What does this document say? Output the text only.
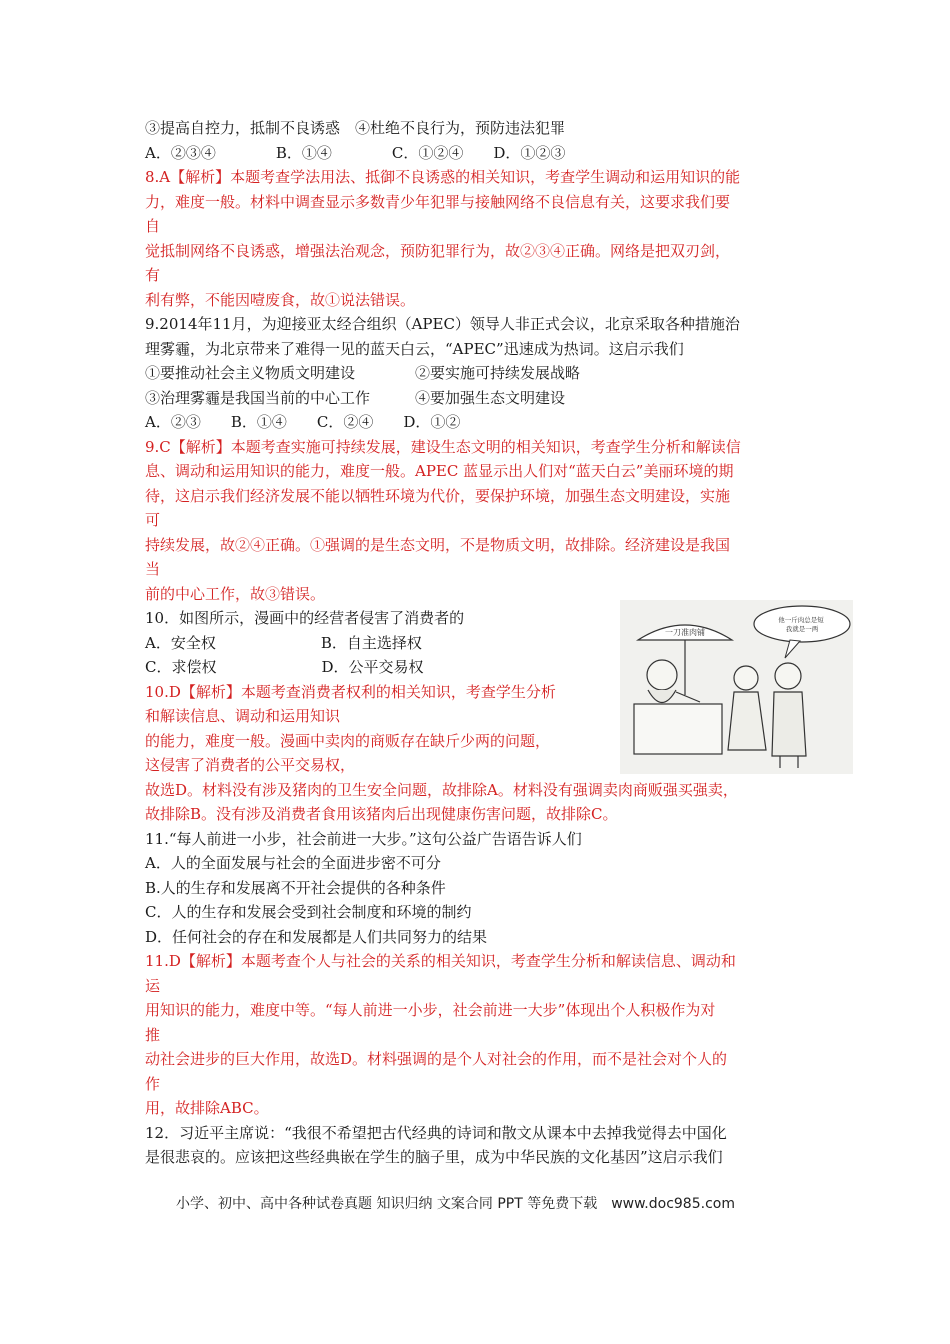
③提高自控力，抵制不良诱惑　④杜绝不良行为，预防违法犯罪
A．②③④　　　　B．①④　　　　C．①②④　　D．①②③
8.A【解析】本题考查学法用法、抵御不良诱惑的相关知识，考查学生调动和运用知识的能
力，难度一般。材料中调查显示多数青少年犯罪与接触网络不良信息有关，这要求我们要
自
觉抵制网络不良诱惑，增强法治观念，预防犯罪行为，故②③④正确。网络是把双刃剑，
有
利有弊，不能因噎废食，故①说法错误。
9.2014年11月，为迎接亚太经合组织（APEC）领导人非正式会议，北京采取各种措施治
理雾霾，为北京带来了难得一见的蓝天白云，“APEC”迅速成为热词。这启示我们
①要推动社会主义物质文明建设　　　　②要实施可持续发展战略
③治理雾霾是我国当前的中心工作　　　④要加强生态文明建设
A．②③　　B．①④　　C．②④　　D．①②
9.C【解析】本题考查实施可持续发展，建设生态文明的相关知识，考查学生分析和解读信
息、调动和运用知识的能力，难度一般。APEC 蓝显示出人们对“蓝天白云”美丽环境的期
待，这启示我们经济发展不能以牺牲环境为代价，要保护环境，加强生态文明建设，实施
可
持续发展，故②④正确。①强调的是生态文明，不是物质文明，故排除。经济建设是我国
当
前的中心工作，故③错误。
10．如图所示，漫画中的经营者侵害了消费者的
A．安全权　　　　　　　B．自主选择权
C．求偿权　　　　　　　D．公平交易权
10.D【解析】本题考查消费者权利的相关知识，考查学生分析
和解读信息、调动和运用知识
的能力，难度一般。漫画中卖肉的商贩存在缺斤少两的问题，
这侵害了消费者的公平交易权，
故选D。材料没有涉及猪肉的卫生安全问题，故排除A。材料没有强调卖肉商贩强买强卖，
故排除B。没有涉及消费者食用该猪肉后出现健康伤害问题，故排除C。
11.“每人前进一小步，社会前进一大步。”这句公益广告语告诉人们
A．人的全面发展与社会的全面进步密不可分
B.人的生存和发展离不开社会提供的各种条件
C．人的生存和发展会受到社会制度和环境的制约
D．任何社会的存在和发展都是人们共同努力的结果
11.D【解析】本题考查个人与社会的关系的相关知识，考查学生分析和解读信息、调动和
运
用知识的能力，难度中等。“每人前进一小步，社会前进一大步”体现出个人积极作为对
推
动社会进步的巨大作用，故选D。材料强调的是个人对社会的作用，而不是社会对个人的
作
用，故排除ABC。
12．习近平主席说：“我很不希望把古代经典的诗词和散文从课本中去掉我觉得去中国化
是很悲哀的。应该把这些经典嵌在学生的脑子里，成为中华民族的文化基因”这启示我们
一刀准肉铺
他一斤肉总是短 我就是一两
小学、初中、高中各种试卷真题 知识归纳 文案合同 PPT 等免费下载　www.doc985.com
